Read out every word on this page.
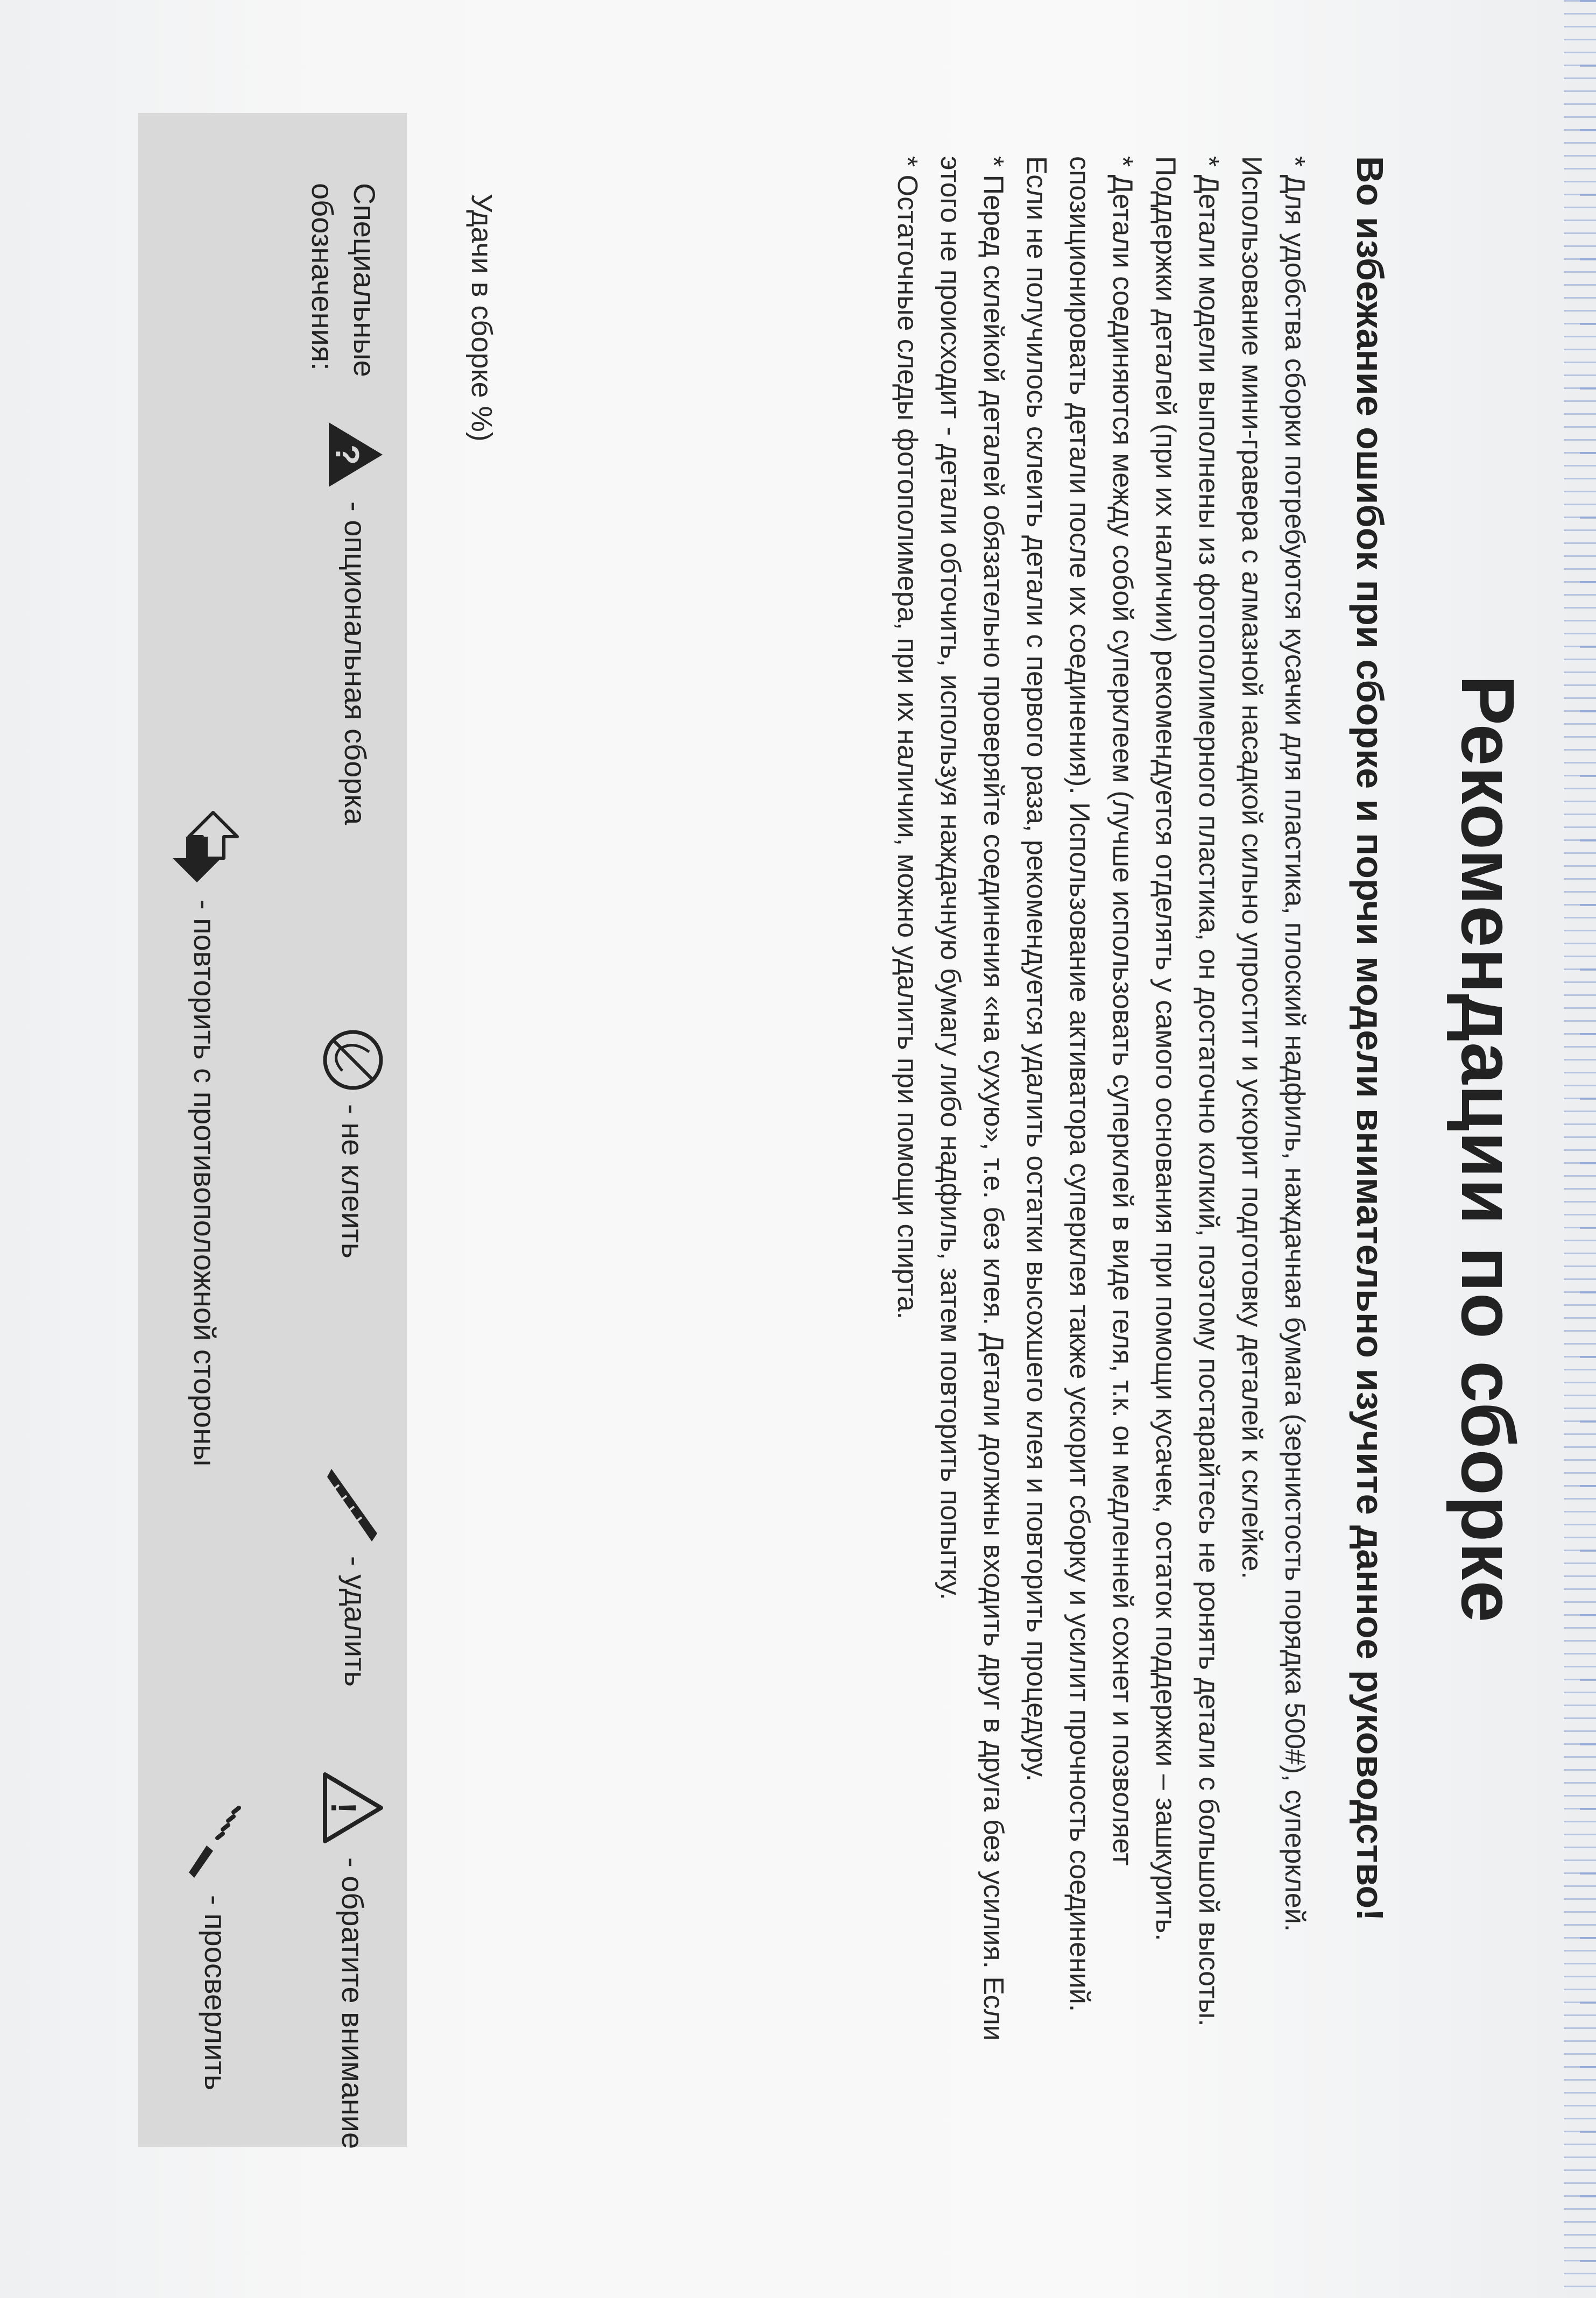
Рекомендации по сборке
Во избежание ошибок при сборке и порчи модели внимательно изучите данное руководство!

* Для удобства сборки потребуются кусачки для пластика, плоский надфиль, наждачная бумага (зернистость порядка 500#), суперклей. Использование мини-гравера с алмазной насадкой сильно упростит и ускорит подготовку деталей к склейке.

* Детали модели выполнены из фотополимерного пластика, он достаточно колкий, поэтому постарайтесь не ронять детали с большой высоты. Поддержки деталей (при их наличии) рекомендуется отделять у самого основания при помощи кусачек, остаток поддержки – зашкурить.

* Детали соединяются между собой суперклеем (лучше использовать суперклей в виде геля, т.к. он медленней сохнет и позволяет спозиционировать детали после их соединения). Использование активатора суперклея также ускорит сборку и усилит прочность соединений. Если не получилось склеить детали с первого раза, рекомендуется удалить остатки высохшего клея и повторить процедуру.

* Перед склейкой деталей обязательно проверяйте соединения «на сухую», т.е. без клея. Детали должны входить друг в друга без усилия. Если этого не происходит - детали обточить, используя наждачную бумагу либо надфиль, затем повторить попытку.

* Остаточные следы фотополимера, при их наличии, можно удалить при помощи спирта.

Удачи в сборке %)
Специальные обозначения:
?
- опциональная сборка
- не клеить
- удалить
!
- обратите внимание
- повторить с противоположной стороны
- просверлить
